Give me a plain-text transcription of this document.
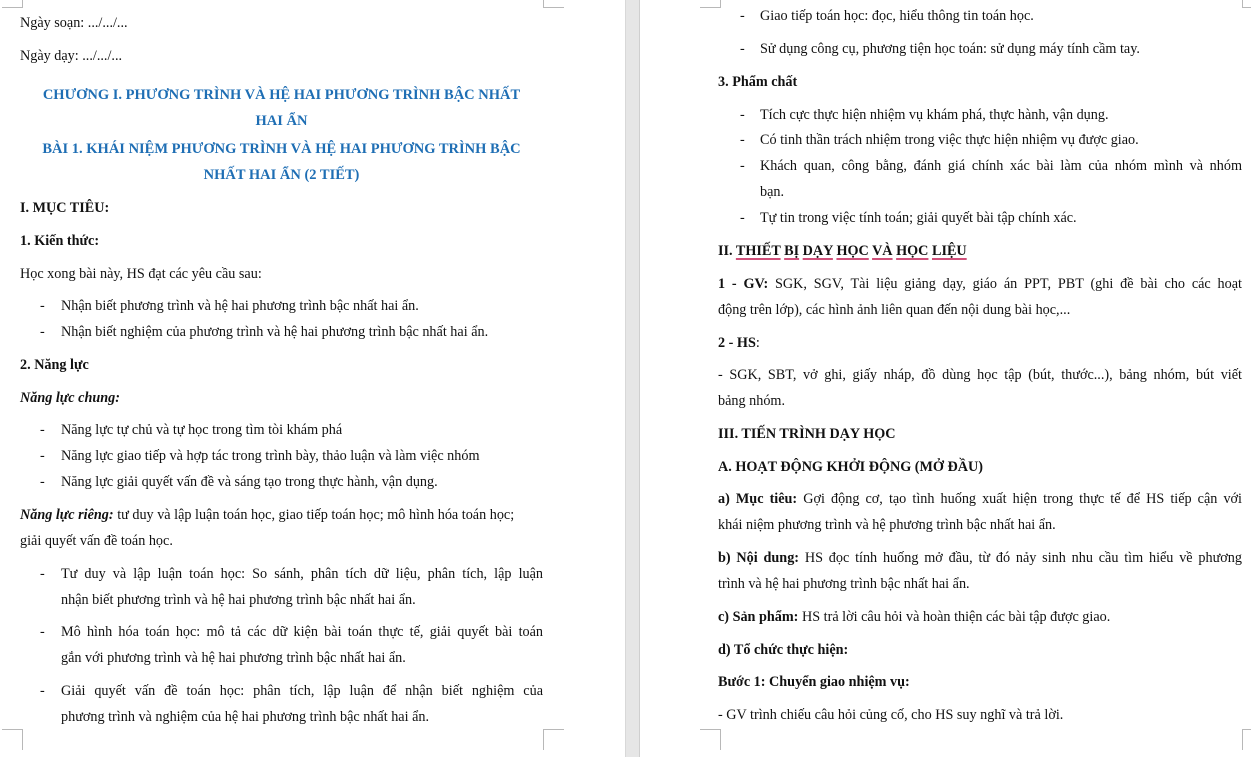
Ngày soạn: .../.../...
Ngày dạy: .../.../...
CHƯƠNG I. PHƯƠNG TRÌNH VÀ HỆ HAI PHƯƠNG TRÌNH BẬC NHẤT
HAI ẨN
BÀI 1. KHÁI NIỆM PHƯƠNG TRÌNH VÀ HỆ HAI PHƯƠNG TRÌNH BẬC
NHẤT HAI ẨN (2 TIẾT)
I. MỤC TIÊU:
1. Kiến thức:
Học xong bài này, HS đạt các yêu cầu sau:
- Nhận biết phương trình và hệ hai phương trình bậc nhất hai ẩn.
- Nhận biết nghiệm của phương trình và hệ hai phương trình bậc nhất hai ẩn.
2. Năng lực
Năng lực chung:
- Năng lực tự chủ và tự học trong tìm tòi khám phá
- Năng lực giao tiếp và hợp tác trong trình bày, thảo luận và làm việc nhóm
- Năng lực giải quyết vấn đề và sáng tạo trong thực hành, vận dụng.
Năng lực riêng: tư duy và lập luận toán học, giao tiếp toán học; mô hình hóa toán học;
giải quyết vấn đề toán học.
- Tư duy và lập luận toán học: So sánh, phân tích dữ liệu, phân tích, lập luận
nhận biết phương trình và hệ hai phương trình bậc nhất hai ẩn.
- Mô hình hóa toán học: mô tả các dữ kiện bài toán thực tế, giải quyết bài toán
gắn với phương trình và hệ hai phương trình bậc nhất hai ẩn.
- Giải quyết vấn đề toán học: phân tích, lập luận để nhận biết nghiệm của
phương trình và nghiệm của hệ hai phương trình bậc nhất hai ẩn.
- Giao tiếp toán học: đọc, hiểu thông tin toán học.
- Sử dụng công cụ, phương tiện học toán: sử dụng máy tính cầm tay.
3. Phẩm chất
- Tích cực thực hiện nhiệm vụ khám phá, thực hành, vận dụng.
- Có tinh thần trách nhiệm trong việc thực hiện nhiệm vụ được giao.
- Khách quan, công bằng, đánh giá chính xác bài làm của nhóm mình và nhóm
bạn.
- Tự tin trong việc tính toán; giải quyết bài tập chính xác.
II. THIẾT BỊ DẠY HỌC VÀ HỌC LIỆU
1 - GV: SGK, SGV, Tài liệu giảng dạy, giáo án PPT, PBT (ghi đề bài cho các hoạt
động trên lớp), các hình ảnh liên quan đến nội dung bài học,...
2 - HS:
- SGK, SBT, vở ghi, giấy nháp, đồ dùng học tập (bút, thước...), bảng nhóm, bút viết
bảng nhóm.
III. TIẾN TRÌNH DẠY HỌC
A. HOẠT ĐỘNG KHỞI ĐỘNG (MỞ ĐẦU)
a) Mục tiêu: Gợi động cơ, tạo tình huống xuất hiện trong thực tế để HS tiếp cận với
khái niệm phương trình và hệ phương trình bậc nhất hai ẩn.
b) Nội dung: HS đọc tính huống mở đầu, từ đó nảy sinh nhu cầu tìm hiểu về phương
trình và hệ hai phương trình bậc nhất hai ẩn.
c) Sản phẩm: HS trả lời câu hỏi và hoàn thiện các bài tập được giao.
d) Tổ chức thực hiện:
Bước 1: Chuyển giao nhiệm vụ:
- GV trình chiếu câu hỏi củng cố, cho HS suy nghĩ và trả lời.
